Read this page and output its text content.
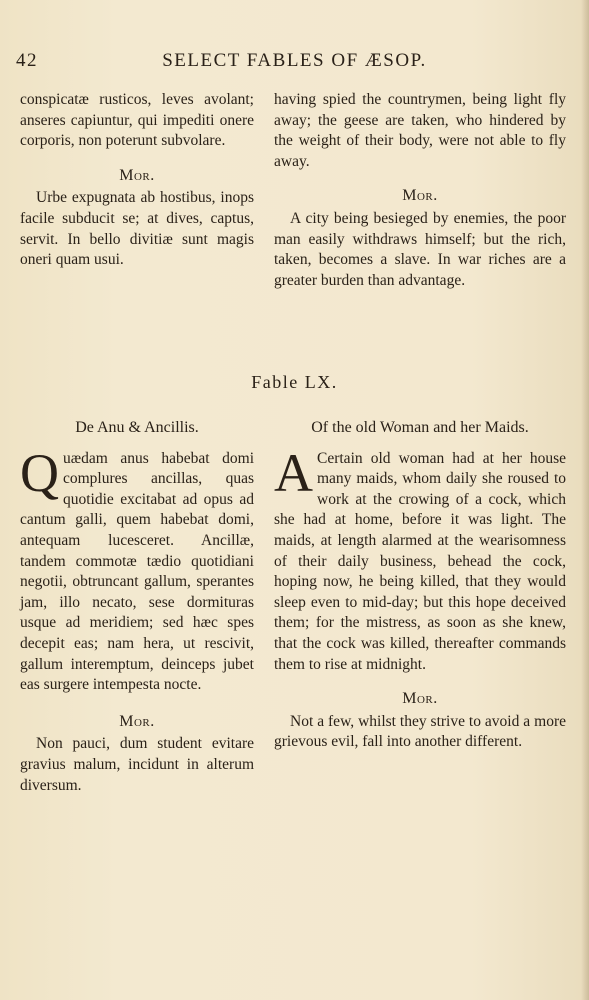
42	SELECT FABLES OF ÆSOP.

conspicatæ rusticos, leves avolant; anseres capiuntur, qui impediti onere corporis, non poterunt subvolare.

Mor.

Urbe expugnata ab hostibus, inops facile subducit se; at dives, captus, servit. In bello divitiæ sunt magis oneri quam usui.

having spied the countrymen, being light fly away; the geese are taken, who hindered by the weight of their body, were not able to fly away.

Mor.

A city being besieged by enemies, the poor man easily withdraws himself; but the rich, taken, becomes a slave. In war riches are a greater burden than advantage.

Fable LX.
De Anu & Ancillis.
Q uædam anus habebat domi complures ancillas, quas quotidie excitabat ad opus ad cantum galli, quem habebat domi, antequam lucesceret. Ancillæ, tandem commotæ tædio quotidiani negotii, obtruncant gallum, sperantes jam, illo necato, sese dormituras usque ad meridiem; sed hæc spes decepit eas; nam hera, ut rescivit, gallum interemptum, deinceps jubet eas surgere intempesta nocte.
Mor.

Non pauci, dum student evitare gravius malum, incidunt in alterum diversum.

Of the old Woman and her Maids.
A Certain old woman had at her house many maids, whom daily she roused to work at the crowing of a cock, which she had at home, before it was light. The maids, at length alarmed at the wearisomness of their daily business, behead the cock, hoping now, he being killed, that they would sleep even to mid-day; but this hope deceived them; for the mistress, as soon as she knew, that the cock was killed, thereafter commands them to rise at midnight.
Mor.

Not a few, whilst they strive to avoid a more grievous evil, fall into another different.
